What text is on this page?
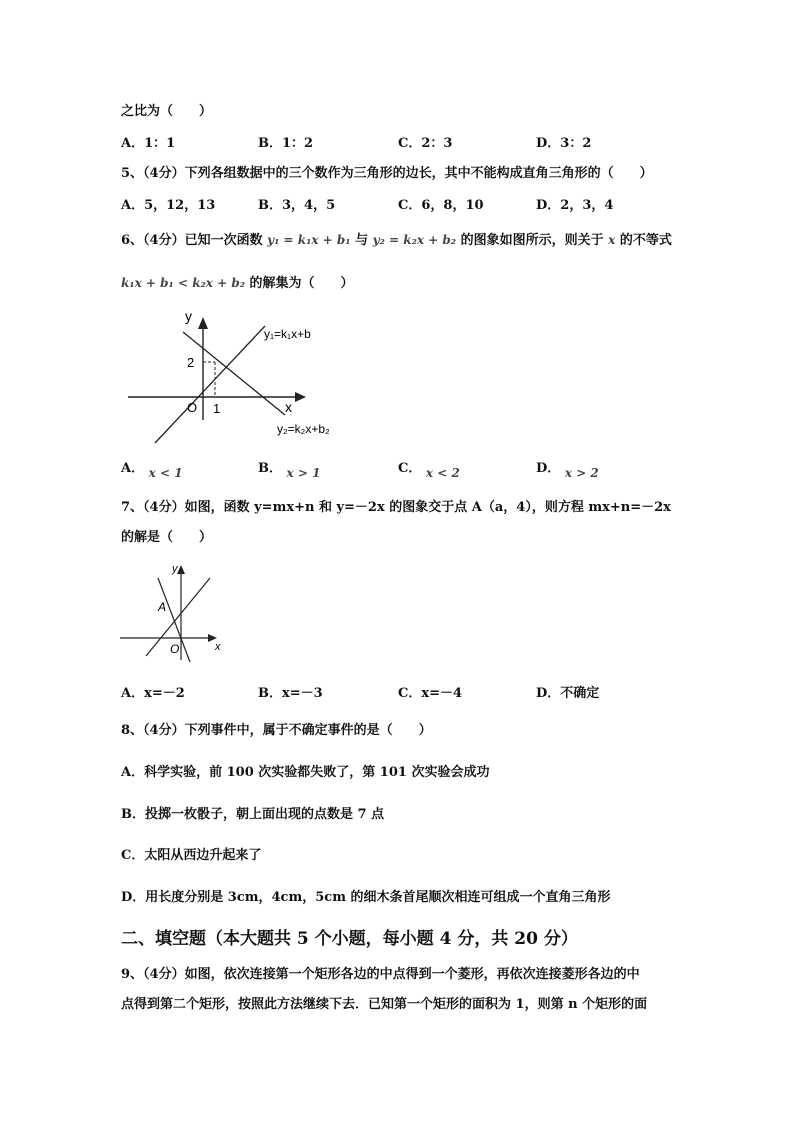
之比为（　　）
A．1：1	B．1：2	C．2：3	D．3：2
5、（4分）下列各组数据中的三个数作为三角形的边长，其中不能构成直角三角形的（　　）
A．5，12，13	B．3，4，5	C．6，8，10	D．2，3，4
6、（4分）已知一次函数 y₁ = k₁x + b₁ 与 y₂ = k₂x + b₂ 的图象如图所示，则关于 x 的不等式
k₁x + b₁ < k₂x + b₂ 的解集为（　　）
y
x
2
O 1
y₁=k₁x+b
y₂=k₂x+b₂
A． x < 1	B． x > 1	C． x < 2	D． x > 2
7、（4分）如图，函数 y=mx+n 和 y=－2x 的图象交于点 A（a，4），则方程 mx+n=－2x
的解是（　　）
y
x
O
A
A．x=－2	B．x=－3	C．x=－4	D．不确定
8、（4分）下列事件中，属于不确定事件的是（　　）
A．科学实验，前 100 次实验都失败了，第 101 次实验会成功
B．投掷一枚骰子，朝上面出现的点数是 7 点
C．太阳从西边升起来了
D．用长度分别是 3cm，4cm，5cm 的细木条首尾顺次相连可组成一个直角三角形
二、填空题（本大题共 5 个小题，每小题 4 分，共 20 分）
9、（4分）如图，依次连接第一个矩形各边的中点得到一个菱形，再依次连接菱形各边的中
点得到第二个矩形，按照此方法继续下去．已知第一个矩形的面积为 1，则第 n 个矩形的面
